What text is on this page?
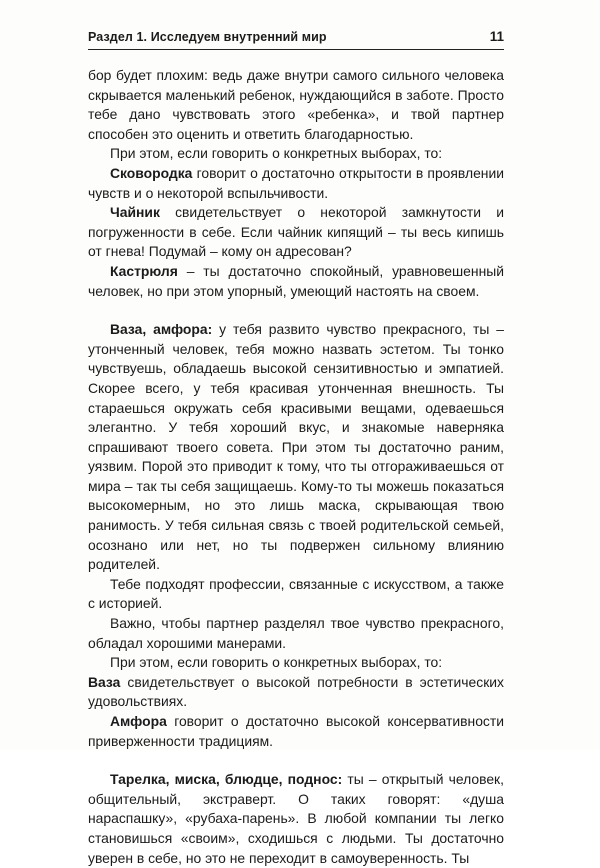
Раздел 1. Исследуем внутренний мир	11

бор будет плохим: ведь даже внутри самого сильного человека скрывается маленький ребенок, нуждающийся в заботе. Просто тебе дано чувствовать этого «ребенка», и твой партнер способен это оценить и ответить благодарностью.

При этом, если говорить о конкретных выборах, то:

Сковородка говорит о достаточно открытости в проявлении чувств и о некоторой вспыльчивости.

Чайник свидетельствует о некоторой замкнутости и погруженности в себе. Если чайник кипящий – ты весь кипишь от гнева! Подумай – кому он адресован?

Кастрюля – ты достаточно спокойный, уравновешенный человек, но при этом упорный, умеющий настоять на своем.

Ваза, амфора: у тебя развито чувство прекрасного, ты – утонченный человек, тебя можно назвать эстетом. Ты тонко чувствуешь, обладаешь высокой сензитивностью и эмпатией. Скорее всего, у тебя красивая утонченная внешность. Ты стараешься окружать себя красивыми вещами, одеваешься элегантно. У тебя хороший вкус, и знакомые наверняка спрашивают твоего совета. При этом ты достаточно раним, уязвим. Порой это приводит к тому, что ты отгораживаешься от мира – так ты себя защищаешь. Кому-то ты можешь показаться высокомерным, но это лишь маска, скрывающая твою ранимость. У тебя сильная связь с твоей родительской семьей, осознано или нет, но ты подвержен сильному влиянию родителей.

Тебе подходят профессии, связанные с искусством, а также с историей.

Важно, чтобы партнер разделял твое чувство прекрасного, обладал хорошими манерами.

При этом, если говорить о конкретных выборах, то:

Ваза свидетельствует о высокой потребности в эстетических удовольствиях.

Амфора говорит о достаточно высокой консервативности приверженности традициям.

Тарелка, миска, блюдце, поднос: ты – открытый человек, общительный, экстраверт. О таких говорят: «душа нараспашку», «рубаха-парень». В любой компании ты легко становишься «своим», сходишься с людьми. Ты достаточно уверен в себе, но это не переходит в самоуверенность. Ты
